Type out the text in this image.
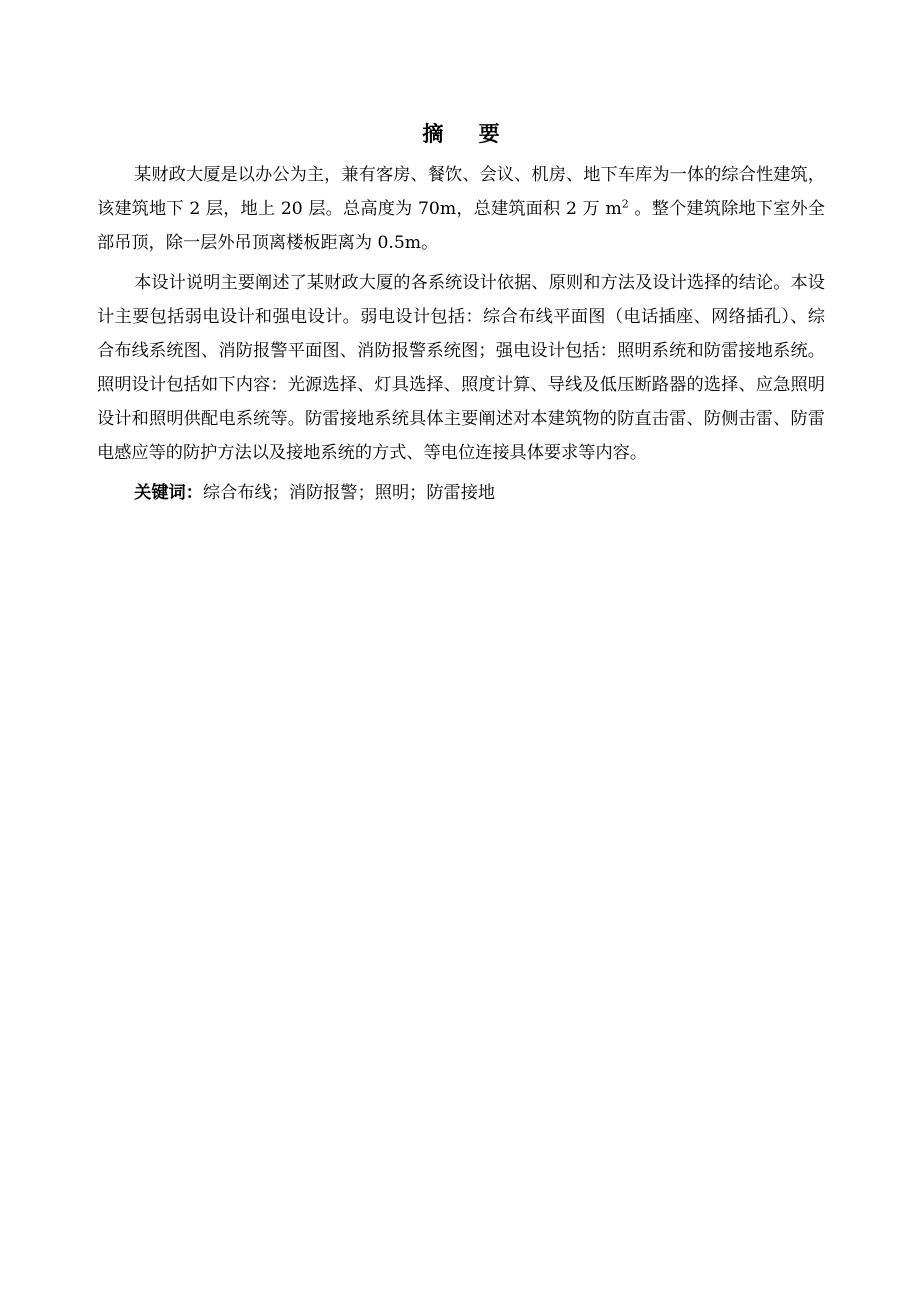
摘 要

某财政大厦是以办公为主，兼有客房、餐饮、会议、机房、地下车库为一体的综合性建筑，该建筑地下 2 层，地上 20 层。总高度为 70m，总建筑面积 2 万 $m^2$ 。整个建筑除地下室外全部吊顶，除一层外吊顶离楼板距离为 0.5m。

本设计说明主要阐述了某财政大厦的各系统设计依据、原则和方法及设计选择的结论。本设计主要包括弱电设计和强电设计。弱电设计包括：综合布线平面图（电话插座、网络插孔）、综合布线系统图、消防报警平面图、消防报警系统图；强电设计包括：照明系统和防雷接地系统。照明设计包括如下内容：光源选择、灯具选择、照度计算、导线及低压断路器的选择、应急照明设计和照明供配电系统等。防雷接地系统具体主要阐述对本建筑物的防直击雷、防侧击雷、防雷电感应等的防护方法以及接地系统的方式、等电位连接具体要求等内容。

关键词：综合布线；消防报警；照明；防雷接地
